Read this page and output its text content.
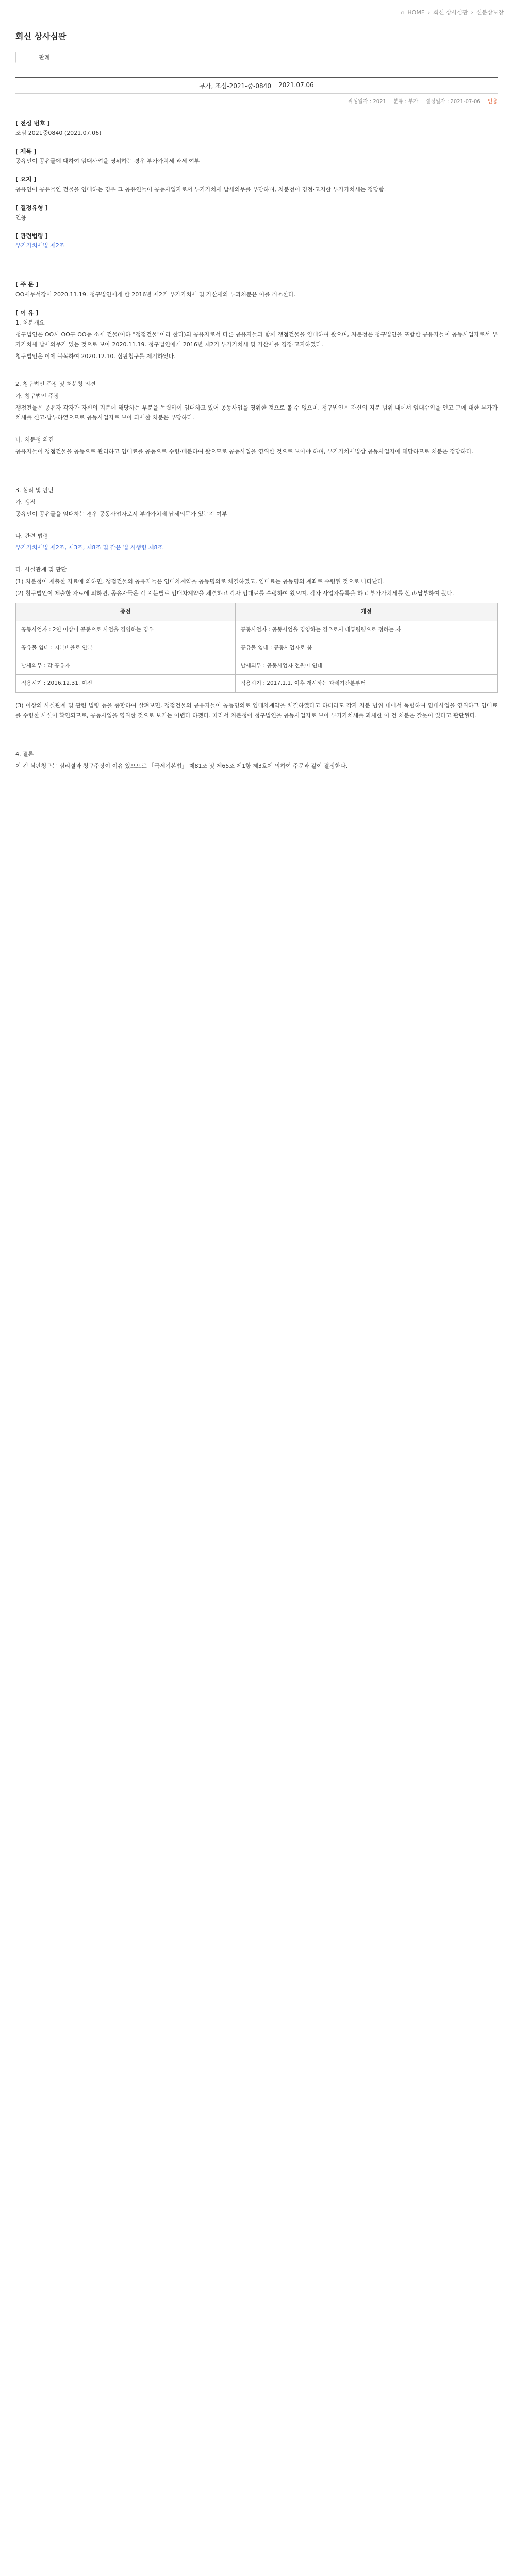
⌂ HOME › 회신 상사심판 › 신분상보장
회신 상사심판
판례
부가, 조심-2021-중-0840 2021.07.06
작성일자 : 2021 분류 : 부가 결정일자 : 2021-07-06 인용
[ 전심 번호 ]

조심 2021중0840 (2021.07.06)

[ 제목 ]

공유인이 공유물에 대하여 임대사업을 영위하는 경우 부가가치세 과세 여부

[ 요지 ]

공유인이 공유물인 건물을 임대하는 경우 그 공유인들이 공동사업자로서 부가가치세 납세의무를 부담하며, 처분청이 경정·고지한 부가가치세는 정당함.

[ 결정유형 ]

인용

[ 관련법령 ]

부가가치세법 제2조

[ 주 문 ]

OO세무서장이 2020.11.19. 청구법인에게 한 2016년 제2기 부가가치세 및 가산세의 부과처분은 이를 취소한다.

[ 이 유 ]

1. 처분개요

청구법인은 OO시 OO구 OO동 소재 건물(이하 "쟁점건물"이라 한다)의 공유자로서 다른 공유자들과 함께 쟁점건물을 임대하여 왔으며, 처분청은 청구법인을 포함한 공유자들이 공동사업자로서 부가가치세 납세의무가 있는 것으로 보아 2020.11.19. 청구법인에게 2016년 제2기 부가가치세 및 가산세를 경정·고지하였다.

청구법인은 이에 불복하여 2020.12.10. 심판청구를 제기하였다.

2. 청구법인 주장 및 처분청 의견

가. 청구법인 주장

쟁점건물은 공유자 각자가 자신의 지분에 해당하는 부분을 독립하여 임대하고 있어 공동사업을 영위한 것으로 볼 수 없으며, 청구법인은 자신의 지분 범위 내에서 임대수입을 얻고 그에 대한 부가가치세를 신고·납부하였으므로 공동사업자로 보아 과세한 처분은 부당하다.

나. 처분청 의견

공유자들이 쟁점건물을 공동으로 관리하고 임대료를 공동으로 수령·배분하여 왔으므로 공동사업을 영위한 것으로 보아야 하며, 부가가치세법상 공동사업자에 해당하므로 처분은 정당하다.

3. 심리 및 판단

가. 쟁점

공유인이 공유물을 임대하는 경우 공동사업자로서 부가가치세 납세의무가 있는지 여부

나. 관련 법령

부가가치세법 제2조, 제3조, 제8조 및 같은 법 시행령 제8조

다. 사실관계 및 판단

(1) 처분청이 제출한 자료에 의하면, 쟁점건물의 공유자들은 임대차계약을 공동명의로 체결하였고, 임대료는 공동명의 계좌로 수령된 것으로 나타난다.

(2) 청구법인이 제출한 자료에 의하면, 공유자들은 각 지분별로 임대차계약을 체결하고 각자 임대료를 수령하여 왔으며, 각자 사업자등록을 하고 부가가치세를 신고·납부하여 왔다.

종전	개정
공동사업자 : 2인 이상이 공동으로 사업을 경영하는 경우	공동사업자 : 공동사업을 경영하는 경우로서 대통령령으로 정하는 자
공유물 임대 : 지분비율로 안분	공유물 임대 : 공동사업자로 봄
납세의무 : 각 공유자	납세의무 : 공동사업자 전원이 연대
적용시기 : 2016.12.31. 이전	적용시기 : 2017.1.1. 이후 개시하는 과세기간분부터

(3) 이상의 사실관계 및 관련 법령 등을 종합하여 살펴보면, 쟁점건물의 공유자들이 공동명의로 임대차계약을 체결하였다고 하더라도 각자 지분 범위 내에서 독립하여 임대사업을 영위하고 임대료를 수령한 사실이 확인되므로, 공동사업을 영위한 것으로 보기는 어렵다 하겠다. 따라서 처분청이 청구법인을 공동사업자로 보아 부가가치세를 과세한 이 건 처분은 잘못이 있다고 판단된다.

4. 결론

이 건 심판청구는 심리결과 청구주장이 이유 있으므로 「국세기본법」 제81조 및 제65조 제1항 제3호에 의하여 주문과 같이 결정한다.
